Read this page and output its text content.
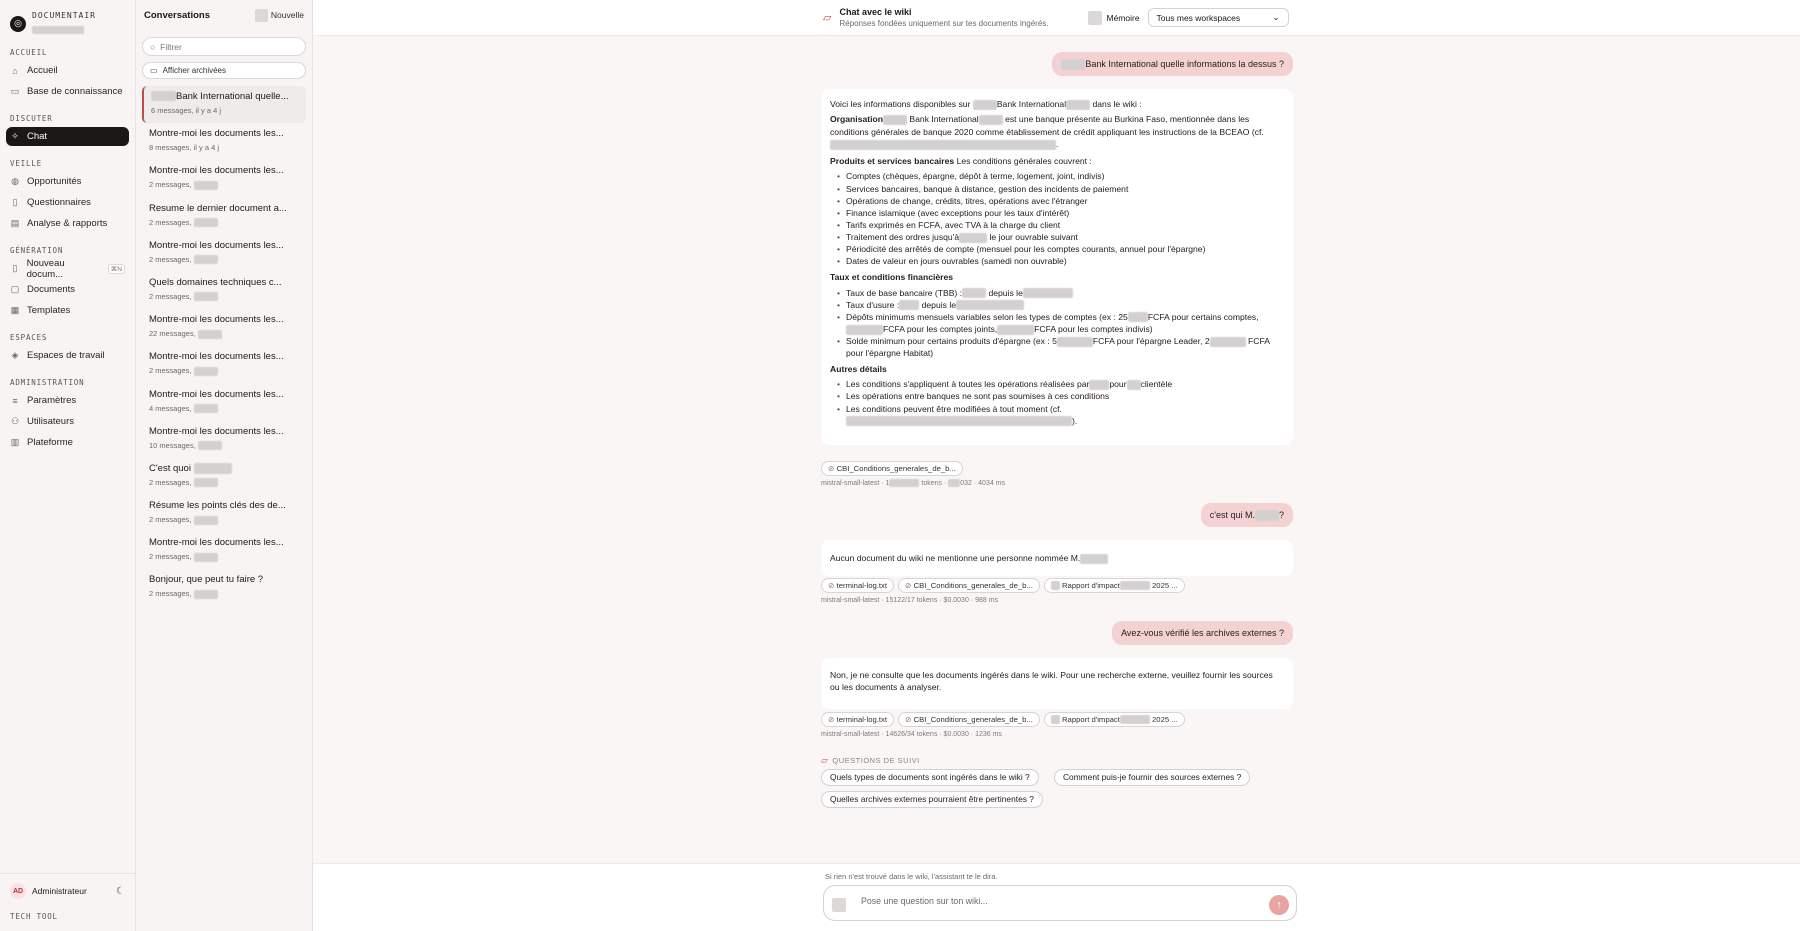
◎
DOCUMENTAIR
ACCUEIL
⌂ Accueil
▭ Base de connaissance
DISCUTER
✧ Chat
VEILLE
◍ Opportunités
▯ Questionnaires
▤ Analyse & rapports
GÉNÉRATION
▯ Nouveau docum...	⌘N
▢ Documents
▦ Templates
ESPACES
◈ Espaces de travail
ADMINISTRATION
≡ Paramètres
⚇ Utilisateurs
▥ Plateforme
AD	Administrateur	☾
TECH TOOL
Conversations	Nouvelle
○ Filtrer
▭ Afficher archivées
Bank International quelle...
6 messages, il y a 4 j
Montre-moi les documents les...
8 messages, il y a 4 j
Montre-moi les documents les...
2 messages,
Resume le dernier document a...
2 messages,
Montre-moi les documents les...
2 messages,
Quels domaines techniques c...
2 messages,
Montre-moi les documents les...
22 messages,
Montre-moi les documents les...
2 messages,
Montre-moi les documents les...
4 messages,
Montre-moi les documents les...
10 messages,
C'est quoi
2 messages,
Résume les points clés des de...
2 messages,
Montre-moi les documents les...
2 messages,
Bonjour, que peut tu faire ?
2 messages,
▱ Chat avec le wiki
Réponses fondées uniquement sur tes documents ingérés.
Mémoire Tous mes workspaces	⌄
Bank International quelle informations la dessus ?

Voici les informations disponibles sur	Bank International	dans le wiki :

Organisation	Bank International	est une banque présente au Burkina Faso, mentionnée dans les conditions générales de banque 2020 comme établissement de crédit appliquant les instructions de la BCEAO (cf..

Produits et services bancaires Les conditions générales couvrent :

• Comptes (chèques, épargne, dépôt à terme, logement, joint, indivis)
• Services bancaires, banque à distance, gestion des incidents de paiement
• Opérations de change, crédits, titres, opérations avec l'étranger
• Finance islamique (avec exceptions pour les taux d'intérêt)
• Tarifs exprimés en FCFA, avec TVA à la charge du client
• Traitement des ordres jusqu'à	le jour ouvrable suivant
• Périodicité des arrêtés de compte (mensuel pour les comptes courants, annuel pour l'épargne)
• Dates de valeur en jours ouvrables (samedi non ouvrable)

Taux et conditions financières

• Taux de base bancaire (TBB) :	depuis le
• Taux d'usure :	depuis le
• Dépôts minimums mensuels variables selon les types de comptes (ex : 25 FCFA pour certains comptes,FCFA pour les comptes joints,	FCFA pour les comptes indivis)
• Solde minimum pour certains produits d'épargne (ex : 5	FCFA pour l'épargne Leader, 2	FCFA pour l'épargne Habitat)

Autres détails

• Les conditions s'appliquent à toutes les opérations réalisées par pour clientèle
• Les opérations entre banques ne sont pas soumises à ces conditions
• Les conditions peuvent être modifiées à tout moment (cf.
).
⊘ CBI_Conditions_generales_de_b...
mistral-small-latest · 1	tokens · 032 · 4034 ms
c'est qui M.	?

Aucun document du wiki ne mentionne une personne nommée M.

⊘ terminal-log.txt	⊘ CBI_Conditions_generales_de_b...	Rapport d'impact	2025 ...
mistral-small-latest · 15122/17 tokens · $0.0030 · 988 ms
Avez-vous vérifié les archives externes ?

Non, je ne consulte que les documents ingérés dans le wiki. Pour une recherche externe, veuillez fournir les sources ou les documents à analyser.

⊘ terminal-log.txt	⊘ CBI_Conditions_generales_de_b...	Rapport d'impact	2025 ...
mistral-small-latest · 14626/34 tokens · $0.0030 · 1236 ms
▱ QUESTIONS DE SUIVI
Quels types de documents sont ingérés dans le wiki ?	Comment puis-je fournir des sources externes ?
Quelles archives externes pourraient être pertinentes ?
Si rien n'est trouvé dans le wiki, l'assistant te le dira.
Pose une question sur ton wiki...	↑
